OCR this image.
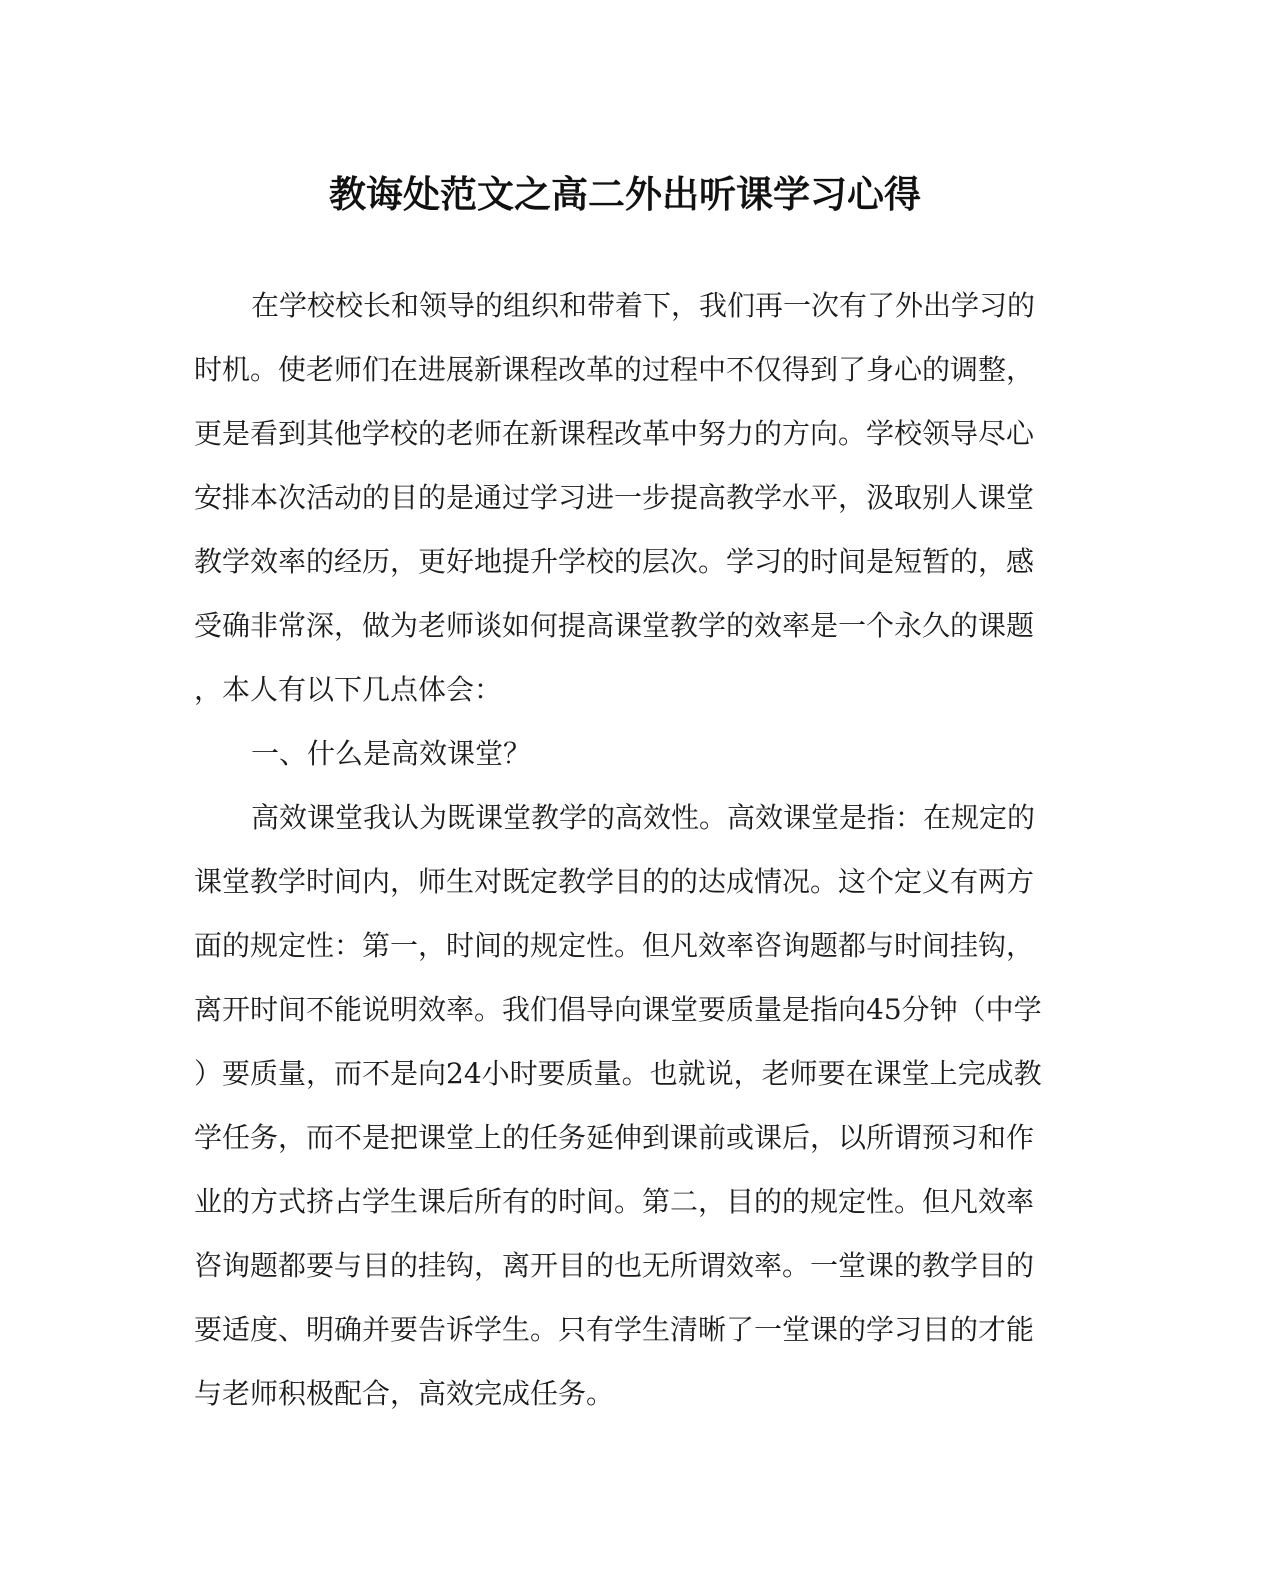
教诲处范文之高二外出听课学习心得
在学校校长和领导的组织和带着下，我们再一次有了外出学习的
时机。使老师们在进展新课程改革的过程中不仅得到了身心的调整，
更是看到其他学校的老师在新课程改革中努力的方向。学校领导尽心
安排本次活动的目的是通过学习进一步提高教学水平，汲取别人课堂
教学效率的经历，更好地提升学校的层次。学习的时间是短暂的，感
受确非常深，做为老师谈如何提高课堂教学的效率是一个永久的课题
，本人有以下几点体会：
一、什么是高效课堂？
高效课堂我认为既课堂教学的高效性。高效课堂是指：在规定的
课堂教学时间内，师生对既定教学目的的达成情况。这个定义有两方
面的规定性：第一，时间的规定性。但凡效率咨询题都与时间挂钩，
离开时间不能说明效率。我们倡导向课堂要质量是指向45分钟（中学
）要质量，而不是向24小时要质量。也就说，老师要在课堂上完成教
学任务，而不是把课堂上的任务延伸到课前或课后，以所谓预习和作
业的方式挤占学生课后所有的时间。第二，目的的规定性。但凡效率
咨询题都要与目的挂钩，离开目的也无所谓效率。一堂课的教学目的
要适度、明确并要告诉学生。只有学生清晰了一堂课的学习目的才能
与老师积极配合，高效完成任务。
